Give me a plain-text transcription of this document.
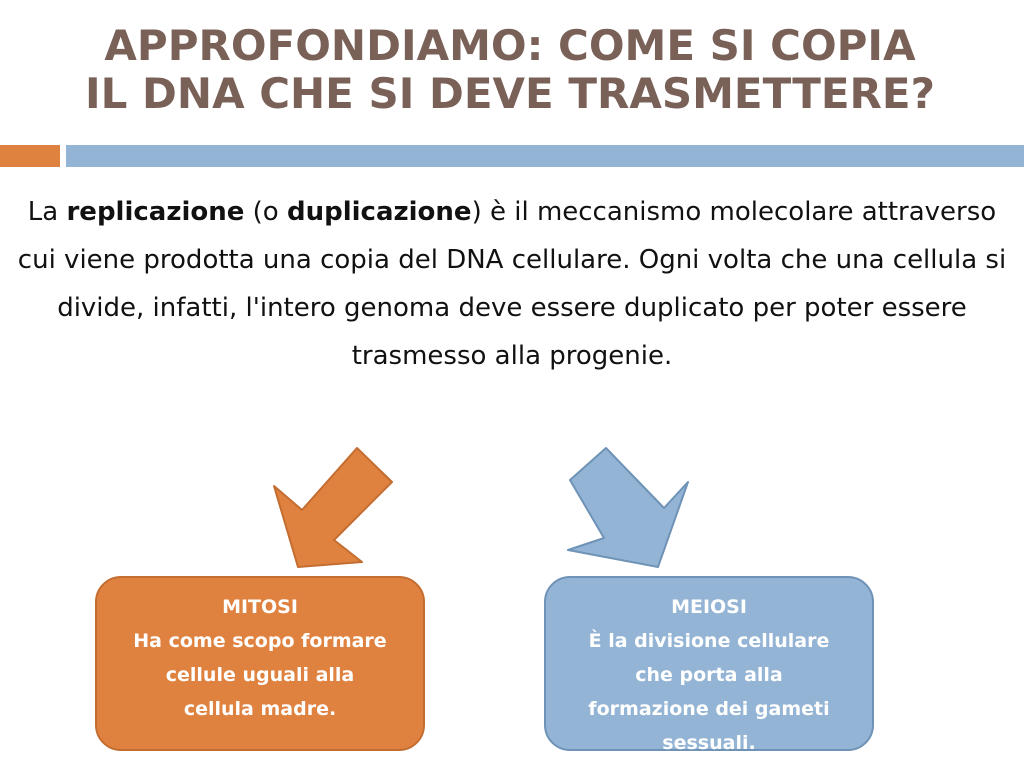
APPROFONDIAMO: COME SI COPIA
IL DNA CHE SI DEVE TRASMETTERE?

La replicazione (o duplicazione) è il meccanismo molecolare attraverso cui viene prodotta una copia del DNA cellulare. Ogni volta che una cellula si divide, infatti, l'intero genoma deve essere duplicato per poter essere trasmesso alla progenie.

MITOSI
Ha come scopo formare
cellule uguali alla
cellula madre.
MEIOSI
È la divisione cellulare
che porta alla
formazione dei gameti
sessuali.
